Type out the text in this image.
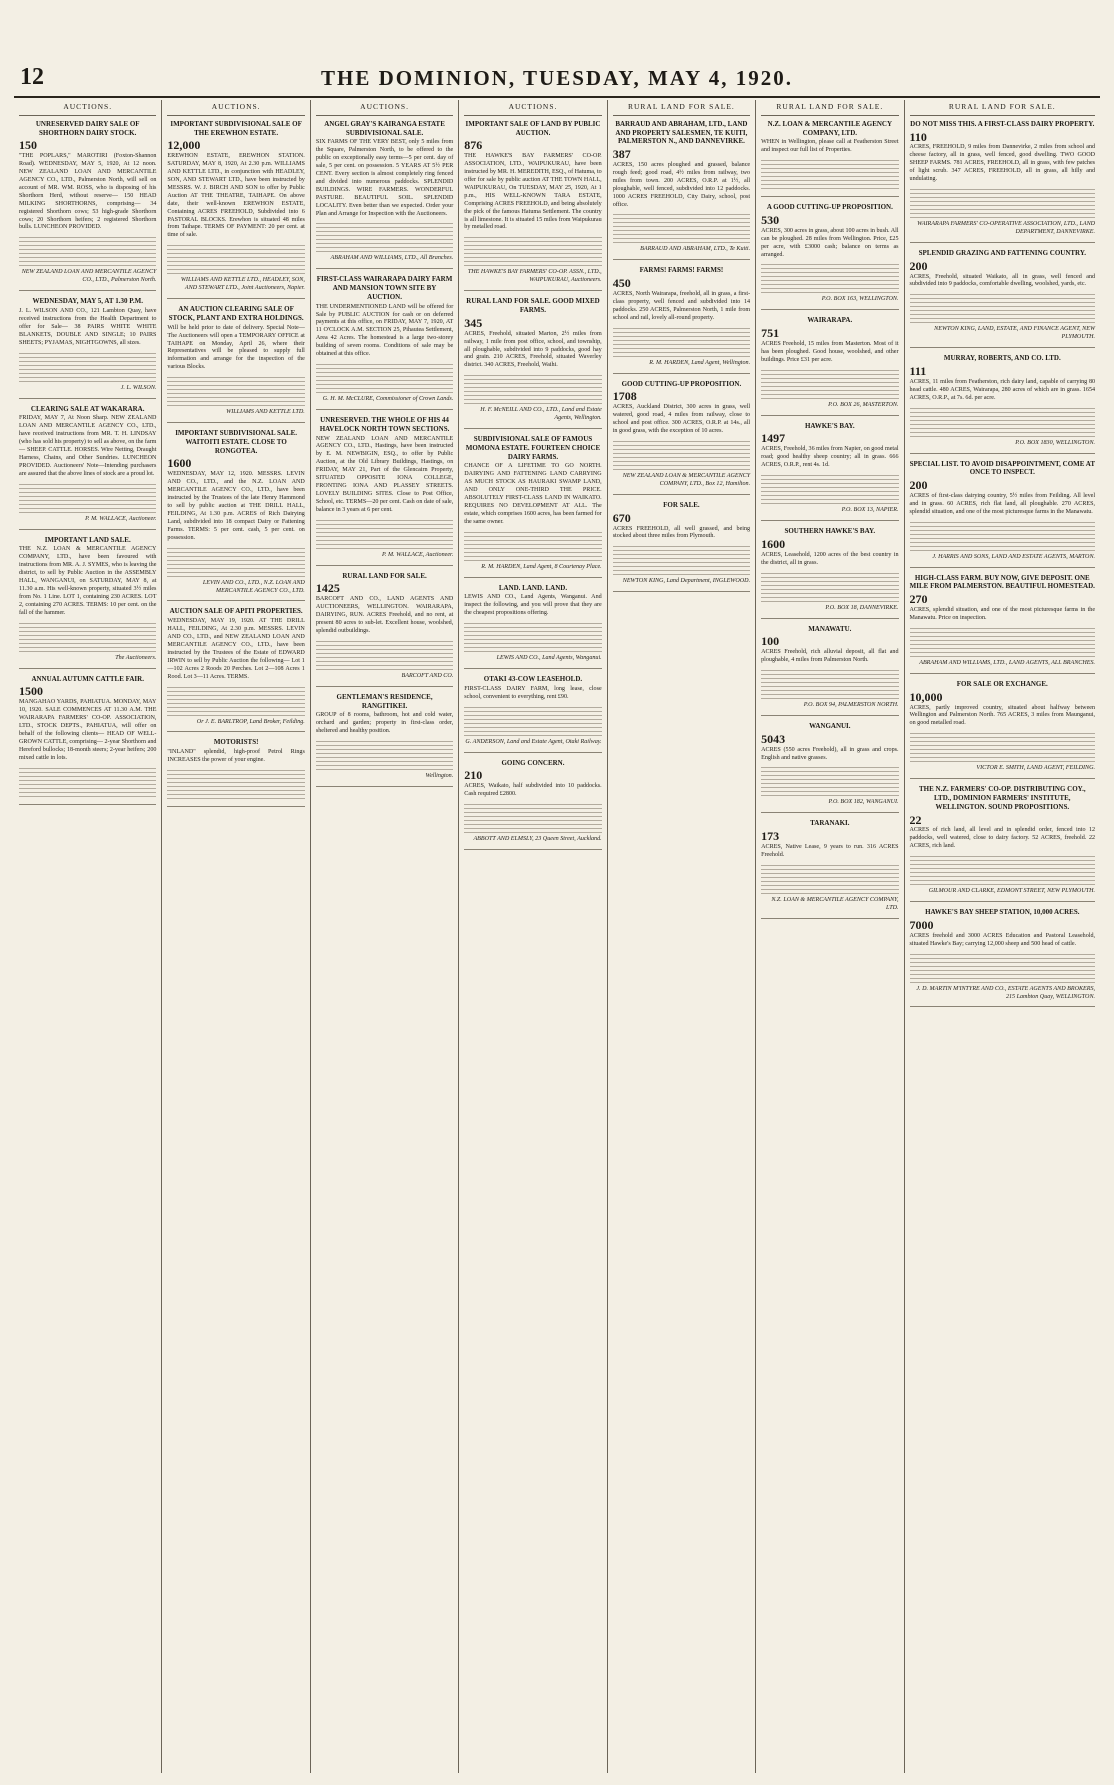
12	THE DOMINION, TUESDAY, MAY 4, 1920.
AUCTIONS.
UNRESERVED DAIRY SALE OF SHORTHORN DAIRY STOCK.
150
"THE POPLARS," MAROTIRI (Foxton-Shannon Road). WEDNESDAY, MAY 5, 1920, At 12 noon. NEW ZEALAND LOAN AND MERCANTILE AGENCY CO., LTD., Palmerston North, will sell on account of MR. WM. ROSS, who is disposing of his Shorthorn Herd, without reserve— 150 HEAD MILKING SHORTHORNS, comprising— 34 registered Shorthorn cows; 53 high-grade Shorthorn cows; 20 Shorthorn heifers; 2 registered Shorthorn bulls. LUNCHEON PROVIDED.
NEW ZEALAND LOAN AND MERCANTILE AGENCY CO., LTD., Palmerston North.
WEDNESDAY, MAY 5, AT 1.30 P.M.
J. L. WILSON AND CO., 121 Lambton Quay, have received instructions from the Health Department to offer for Sale— 38 PAIRS WHITE WHITE BLANKETS, DOUBLE AND SINGLE; 10 PAIRS SHEETS; PYJAMAS, NIGHTGOWNS, all sizes.
J. L. WILSON.
CLEARING SALE AT WAKARARA.
FRIDAY, MAY 7, At Noon Sharp. NEW ZEALAND LOAN AND MERCANTILE AGENCY CO., LTD., have received instructions from MR. T. H. LINDSAY (who has sold his property) to sell as above, on the farm— SHEEP. CATTLE. HORSES. Wire Netting, Draught Harness, Chains, and Other Sundries. LUNCHEON PROVIDED. Auctioneers' Note—Intending purchasers are assured that the above lines of stock are a proud lot.
P. M. WALLACE, Auctioneer.
IMPORTANT LAND SALE.
THE N.Z. LOAN & MERCANTILE AGENCY COMPANY, LTD., have been favoured with instructions from MR. A. J. SYMES, who is leaving the district, to sell by Public Auction in the ASSEMBLY HALL, WANGANUI, on SATURDAY, MAY 8, at 11.30 a.m. His well-known property, situated 3½ miles from No. 1 Line. LOT 1, containing 230 ACRES. LOT 2, containing 270 ACRES. TERMS: 10 per cent. on the fall of the hammer.
The Auctioneers.
ANNUAL AUTUMN CATTLE FAIR.
1500
MANGAHAO YARDS, PAHIATUA. MONDAY, MAY 10, 1920. SALE COMMENCES AT 11.30 A.M. THE WAIRARAPA FARMERS' CO-OP. ASSOCIATION, LTD., STOCK DEPTS., PAHIATUA, will offer on behalf of the following clients— HEAD OF WELL-GROWN CATTLE, comprising— 2-year Shorthorn and Hereford bullocks; 18-month steers; 2-year heifers; 200 mixed cattle in lots.
AUCTIONS.
IMPORTANT SUBDIVISIONAL SALE OF THE EREWHON ESTATE.
12,000
EREWHON ESTATE, EREWHON STATION. SATURDAY, MAY 8, 1920, At 2.30 p.m. WILLIAMS AND KETTLE LTD., in conjunction with HEADLEY, SON, AND STEWART LTD., have been instructed by MESSRS. W. J. BIRCH AND SON to offer by Public Auction AT THE THEATRE, TAIHAPE. On above date, their well-known EREWHON ESTATE, Containing ACRES FREEHOLD, Subdivided into 6 PASTORAL BLOCKS. Erewhon is situated 48 miles from Taihape. TERMS OF PAYMENT: 20 per cent. at time of sale.
WILLIAMS AND KETTLE LTD., HEADLEY, SON, AND STEWART LTD., Joint Auctioneers, Napier.
AN AUCTION CLEARING SALE OF STOCK, PLANT AND EXTRA HOLDINGS.
Will be held prior to date of delivery. Special Note—The Auctioneers will open a TEMPORARY OFFICE at TAIHAPE on Monday, April 26, where their Representatives will be pleased to supply full information and arrange for the inspection of the various Blocks.
WILLIAMS AND KETTLE LTD.
IMPORTANT SUBDIVISIONAL SALE. WAITOITI ESTATE. CLOSE TO RONGOTEA.
1600
WEDNESDAY, MAY 12, 1920. MESSRS. LEVIN AND CO., LTD., and the N.Z. LOAN AND MERCANTILE AGENCY CO., LTD., have been instructed by the Trustees of the late Henry Hammond to sell by public auction at THE DRILL HALL, FEILDING, At 1.30 p.m. ACRES of Rich Dairying Land, subdivided into 18 compact Dairy or Fattening Farms. TERMS: 5 per cent. cash, 5 per cent. on possession.
LEVIN AND CO., LTD., N.Z. LOAN AND MERCANTILE AGENCY CO., LTD.
AUCTION SALE OF APITI PROPERTIES.
WEDNESDAY, MAY 19, 1920. AT THE DRILL HALL, FEILDING, At 2.30 p.m. MESSRS. LEVIN AND CO., LTD., and NEW ZEALAND LOAN AND MERCANTILE AGENCY CO., LTD., have been instructed by the Trustees of the Estate of EDWARD IRWIN to sell by Public Auction the following— Lot 1—102 Acres 2 Roods 20 Perches. Lot 2—108 Acres 1 Rood. Lot 3—11 Acres. TERMS.
Or J. E. BARLTROP, Land Broker, Feilding.
MOTORISTS!
"INLAND" splendid, high-proof Petrol Rings INCREASES the power of your engine.
AUCTIONS.
ANGEL GRAY'S KAIRANGA ESTATE SUBDIVISIONAL SALE.
SIX FARMS OF THE VERY BEST, only 5 miles from the Square, Palmerston North, to be offered to the public on exceptionally easy terms—5 per cent. day of sale, 5 per cent. on possession. 5 YEARS AT 5½ PER CENT. Every section is almost completely ring fenced and divided into numerous paddocks. SPLENDID BUILDINGS. WIRE FARMERS. WONDERFUL PASTURE. BEAUTIFUL SOIL. SPLENDID LOCALITY. Even better than we expected. Order your Plan and Arrange for Inspection with the Auctioneers.
ABRAHAM AND WILLIAMS, LTD., All Branches.
FIRST-CLASS WAIRARAPA DAIRY FARM AND MANSION TOWN SITE BY AUCTION.
THE UNDERMENTIONED LAND will be offered for Sale by PUBLIC AUCTION for cash or on deferred payments at this office, on FRIDAY, MAY 7, 1920, AT 11 O'CLOCK A.M. SECTION 25, Pihautea Settlement, Area 42 Acres. The homestead is a large two-storey building of seven rooms. Conditions of sale may be obtained at this office.
G. H. M. McCLURE, Commissioner of Crown Lands.
UNRESERVED. THE WHOLE OF HIS 44 HAVELOCK NORTH TOWN SECTIONS.
NEW ZEALAND LOAN AND MERCANTILE AGENCY CO., LTD., Hastings, have been instructed by E. M. NEWBIGIN, ESQ., to offer by Public Auction, at the Old Library Buildings, Hastings, on FRIDAY, MAY 21, Part of the Glencairn Property, SITUATED OPPOSITE IONA COLLEGE, FRONTING IONA AND PLASSEY STREETS. LOVELY BUILDING SITES. Close to Post Office, School, etc. TERMS—20 per cent. Cash on date of sale, balance in 3 years at 6 per cent.
P. M. WALLACE, Auctioneer.
RURAL LAND FOR SALE.
1425
BARCOFT AND CO., LAND AGENTS AND AUCTIONEERS, WELLINGTON. WAIRARAPA, DAIRYING, RUN. ACRES Freehold, and no rent, at present 80 acres to sub-let. Excellent house, woolshed, splendid outbuildings.
BARCOFT AND CO.
GENTLEMAN'S RESIDENCE, RANGITIKEI.
GROUP of 8 rooms, bathroom, hot and cold water, orchard and garden; property in first-class order, sheltered and healthy position.
Wellington.
AUCTIONS.
IMPORTANT SALE OF LAND BY PUBLIC AUCTION.
876
THE HAWKE'S BAY FARMERS' CO-OP. ASSOCIATION, LTD., WAIPUKURAU, have been instructed by MR. H. MEREDITH, ESQ., of Hatuma, to offer for sale by public auction AT THE TOWN HALL, WAIPUKURAU, On TUESDAY, MAY 25, 1920, At 1 p.m., HIS WELL-KNOWN TARA ESTATE, Comprising ACRES FREEHOLD, and being absolutely the pick of the famous Hatuma Settlement. The country is all limestone. It is situated 15 miles from Waipukurau by metalled road.
THE HAWKE'S BAY FARMERS' CO-OP. ASSN., LTD., WAIPUKURAU, Auctioneers.
RURAL LAND FOR SALE. GOOD MIXED FARMS.
345
ACRES, Freehold, situated Marton, 2½ miles from railway, 1 mile from post office, school, and township, all ploughable, subdivided into 9 paddocks, good hay and grain. 210 ACRES, Freehold, situated Waverley district. 340 ACRES, Freehold, Waihi.
H. F. McNEILL AND CO., LTD., Land and Estate Agents, Wellington.
SUBDIVISIONAL SALE OF FAMOUS MOMONA ESTATE. FOURTEEN CHOICE DAIRY FARMS.
CHANCE OF A LIFETIME TO GO NORTH. DAIRYING AND FATTENING LAND CARRYING AS MUCH STOCK AS HAURAKI SWAMP LAND, AND ONLY ONE-THIRD THE PRICE. ABSOLUTELY FIRST-CLASS LAND IN WAIKATO. REQUIRES NO DEVELOPMENT AT ALL. The estate, which comprises 1600 acres, has been farmed for the same owner.
R. M. HARDEN, Land Agent, 8 Courtenay Place.
LAND. LAND. LAND.
LEWIS AND CO., Land Agents, Wanganui. And inspect the following, and you will prove that they are the cheapest propositions offering.
LEWIS AND CO., Land Agents, Wanganui.
OTAKI 43-COW LEASEHOLD.
FIRST-CLASS DAIRY FARM, long lease, close school, convenient to everything, rent £90.
G. ANDERSON, Land and Estate Agent, Otaki Railway.
GOING CONCERN.
210
ACRES, Waikato, half subdivided into 10 paddocks. Cash required £2800.
ABBOTT AND ELMSLY, 23 Queen Street, Auckland.
RURAL LAND FOR SALE.
BARRAUD AND ABRAHAM, LTD., LAND AND PROPERTY SALESMEN, TE KUITI, PALMERSTON N., AND DANNEVIRKE.
387
ACRES, 150 acres ploughed and grassed, balance rough feed; good road, 4½ miles from railway, two miles from town. 200 ACRES, O.R.P. at 1½, all ploughable, well fenced, subdivided into 12 paddocks. 1000 ACRES FREEHOLD, City Dairy, school, post office.
BARRAUD AND ABRAHAM, LTD., Te Kuiti.
FARMS! FARMS! FARMS!
450
ACRES, North Wairarapa, freehold, all in grass, a first-class property, well fenced and subdivided into 14 paddocks. 250 ACRES, Palmerston North, 1 mile from school and rail, lovely all-round property.
R. M. HARDEN, Land Agent, Wellington.
GOOD CUTTING-UP PROPOSITION.
1708
ACRES, Auckland District, 300 acres in grass, well watered, good road, 4 miles from railway, close to school and post office. 300 ACRES, O.R.P. at 14s., all in good grass, with the exception of 10 acres.
NEW ZEALAND LOAN & MERCANTILE AGENCY COMPANY, LTD., Box 12, Hamilton.
FOR SALE.
670
ACRES FREEHOLD, all well grassed, and being stocked about three miles from Plymouth.
NEWTON KING, Land Department, INGLEWOOD.
RURAL LAND FOR SALE.
N.Z. LOAN & MERCANTILE AGENCY COMPANY, LTD.
WHEN in Wellington, please call at Featherston Street and inspect our full list of Properties.
A GOOD CUTTING-UP PROPOSITION.
530
ACRES, 300 acres in grass, about 100 acres in bush. All can be ploughed. 28 miles from Wellington. Price, £25 per acre, with £3000 cash; balance on terms as arranged.
P.O. BOX 163, WELLINGTON.
WAIRARAPA.
751
ACRES Freehold, 15 miles from Masterton. Most of it has been ploughed. Good house, woolshed, and other buildings. Price £31 per acre.
P.O. BOX 26, MASTERTON.
HAWKE'S BAY.
1497
ACRES, Freehold, 36 miles from Napier, on good metal road; good healthy sheep country; all in grass. 666 ACRES, O.R.P., rent 4s. 1d.
P.O. BOX 13, NAPIER.
SOUTHERN HAWKE'S BAY.
1600
ACRES, Leasehold, 1200 acres of the best country in the district, all in grass.
P.O. BOX 18, DANNEVIRKE.
MANAWATU.
100
ACRES Freehold, rich alluvial deposit, all flat and ploughable, 4 miles from Palmerston North.
P.O. BOX 94, PALMERSTON NORTH.
WANGANUI.
5043
ACRES (550 acres Freehold), all in grass and crops. English and native grasses.
P.O. BOX 182, WANGANUI.
TARANAKI.
173
ACRES, Native Lease, 9 years to run. 316 ACRES Freehold.
N.Z. LOAN & MERCANTILE AGENCY COMPANY, LTD.
RURAL LAND FOR SALE.
DO NOT MISS THIS. A FIRST-CLASS DAIRY PROPERTY.
110
ACRES, FREEHOLD, 9 miles from Dannevirke, 2 miles from school and cheese factory, all in grass, well fenced, good dwelling. TWO GOOD SHEEP FARMS. 781 ACRES, FREEHOLD, all in grass, with few patches of light scrub. 347 ACRES, FREEHOLD, all in grass, all hilly and undulating.
WAIRARAPA FARMERS' CO-OPERATIVE ASSOCIATION, LTD., LAND DEPARTMENT, DANNEVIRKE.
SPLENDID GRAZING AND FATTENING COUNTRY.
200
ACRES, Freehold, situated Waikato, all in grass, well fenced and subdivided into 9 paddocks, comfortable dwelling, woolshed, yards, etc.
NEWTON KING, LAND, ESTATE, AND FINANCE AGENT, NEW PLYMOUTH.
MURRAY, ROBERTS, AND CO. LTD.
111
ACRES, 11 miles from Featherston, rich dairy land, capable of carrying 80 head cattle. 480 ACRES, Wairarapa, 280 acres of which are in grass. 1654 ACRES, O.R.P., at 7s. 6d. per acre.
P.O. BOX 1830, WELLINGTON.
SPECIAL LIST. TO AVOID DISAPPOINTMENT, COME AT ONCE TO INSPECT.
200
ACRES of first-class dairying country, 5½ miles from Feilding. All level and in grass. 60 ACRES, rich flat land, all ploughable. 270 ACRES, splendid situation, and one of the most picturesque farms in the Manawatu.
J. HARRIS AND SONS, LAND AND ESTATE AGENTS, MARTON.
HIGH-CLASS FARM. BUY NOW, GIVE DEPOSIT. ONE MILE FROM PALMERSTON. BEAUTIFUL HOMESTEAD.
270
ACRES, splendid situation, and one of the most picturesque farms in the Manawatu. Price on inspection.
ABRAHAM AND WILLIAMS, LTD., LAND AGENTS, ALL BRANCHES.
FOR SALE OR EXCHANGE.
10,000
ACRES, partly improved country, situated about halfway between Wellington and Palmerston North. 765 ACRES, 3 miles from Maunganui, on good metalled road.
VICTOR E. SMITH, LAND AGENT, FEILDING.
THE N.Z. FARMERS' CO-OP. DISTRIBUTING COY., LTD., DOMINION FARMERS' INSTITUTE, WELLINGTON. SOUND PROPOSITIONS.
22
ACRES of rich land, all level and in splendid order, fenced into 12 paddocks, well watered, close to dairy factory. 52 ACRES, freehold. 22 ACRES, rich land.
GILMOUR AND CLARKE, EDMONT STREET, NEW PLYMOUTH.
HAWKE'S BAY SHEEP STATION, 10,000 ACRES.
7000
ACRES freehold and 3000 ACRES Education and Pastoral Leasehold, situated Hawke's Bay; carrying 12,000 sheep and 500 head of cattle.
J. D. MARTIN M'INTYRE AND CO., ESTATE AGENTS AND BROKERS, 215 Lambton Quay, WELLINGTON.
